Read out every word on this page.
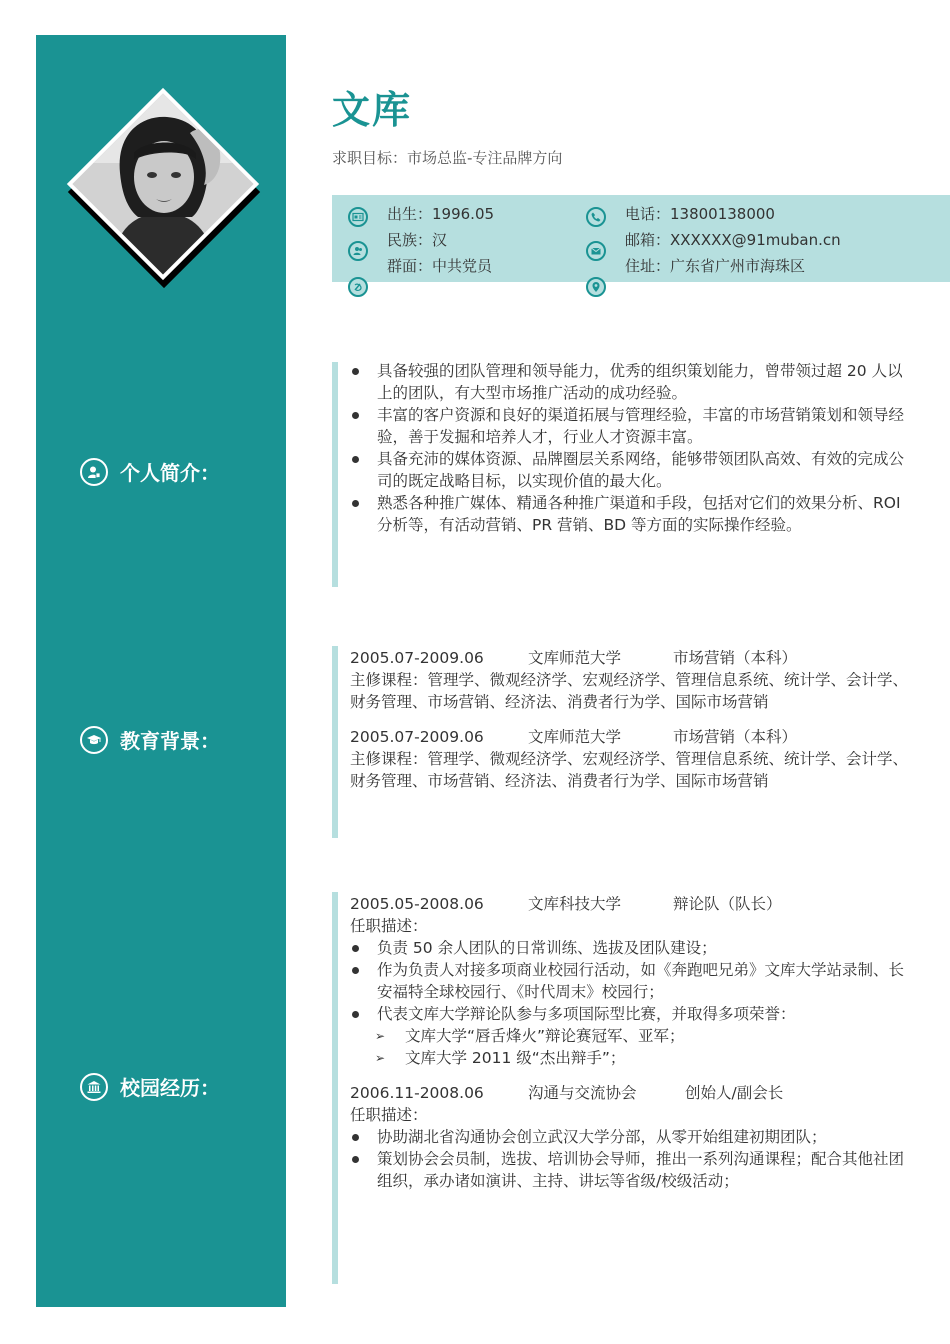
文库
求职目标：市场总监-专注品牌方向
出生：1996.05
民族：汉
群面：中共党员
电话：13800138000
邮箱：XXXXXX@91muban.cn
住址：广东省广州市海珠区
个人简介：
具备较强的团队管理和领导能力，优秀的组织策划能力，曾带领过超 20 人以上的团队，有大型市场推广活动的成功经验。
丰富的客户资源和良好的渠道拓展与管理经验，丰富的市场营销策划和领导经验，善于发掘和培养人才，行业人才资源丰富。
具备充沛的媒体资源、品牌圈层关系网络，能够带领团队高效、有效的完成公司的既定战略目标，以实现价值的最大化。
熟悉各种推广媒体、精通各种推广渠道和手段，包括对它们的效果分析、ROI 分析等，有活动营销、PR 营销、BD 等方面的实际操作经验。
教育背景：
2005.07-2009.06	文库师范大学	市场营销（本科）
主修课程：管理学、微观经济学、宏观经济学、管理信息系统、统计学、会计学、财务管理、市场营销、经济法、消费者行为学、国际市场营销
2005.07-2009.06	文库师范大学	市场营销（本科）
主修课程：管理学、微观经济学、宏观经济学、管理信息系统、统计学、会计学、财务管理、市场营销、经济法、消费者行为学、国际市场营销
校园经历：
2005.05-2008.06	文库科技大学	辩论队（队长）
任职描述：
负责 50 余人团队的日常训练、选拔及团队建设；
作为负责人对接多项商业校园行活动，如《奔跑吧兄弟》文库大学站录制、长安福特全球校园行、《时代周末》校园行；
代表文库大学辩论队参与多项国际型比赛，并取得多项荣誉：
➢ 文库大学“唇舌烽火”辩论赛冠军、亚军；
➢ 文库大学 2011 级“杰出辩手”；
2006.11-2008.06	沟通与交流协会	创始人/副会长
任职描述：
协助湖北省沟通协会创立武汉大学分部，从零开始组建初期团队；
策划协会会员制，选拔、培训协会导师，推出一系列沟通课程；配合其他社团组织，承办诸如演讲、主持、讲坛等省级/校级活动；
